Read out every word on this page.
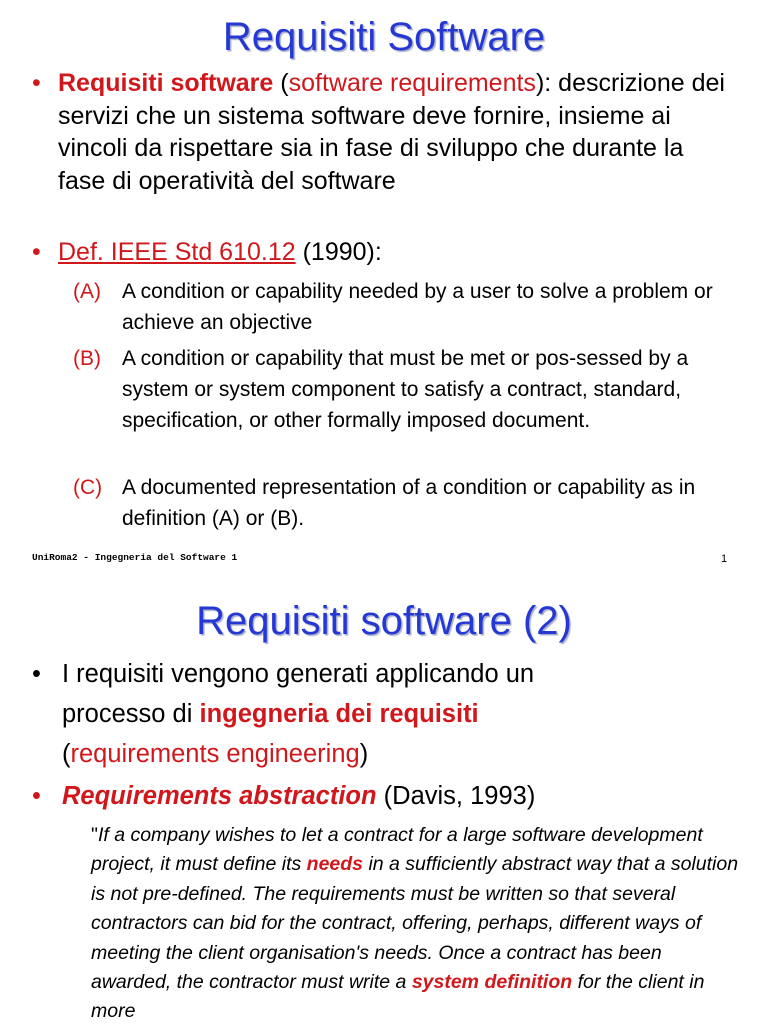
Requisiti Software
• Requisiti software (software requirements): descrizione dei servizi che un sistema software deve fornire, insieme ai vincoli da rispettare sia in fase di sviluppo che durante la fase di operatività del software
• Def. IEEE Std 610.12 (1990):
(A) A condition or capability needed by a user to solve a problem or achieve an objective
(B) A condition or capability that must be met or pos-sessed by a system or system component to satisfy a contract, standard, specification, or other formally imposed document.
(C) A documented representation of a condition or capability as in definition (A) or (B).
UniRoma2 - Ingegneria del Software 1	1
Requisiti software (2)
• I requisiti vengono generati applicando un processo di ingegneria dei requisiti
(requirements engineering)
• Requirements abstraction (Davis, 1993)
"If a company wishes to let a contract for a large software development project, it must define its needs in a sufficiently abstract way that a solution is not pre-defined. The requirements must be written so that several contractors can bid for the contract, offering, perhaps, different ways of meeting the client organisation's needs. Once a contract has been awarded, the contractor must write a system definition for the client in more
